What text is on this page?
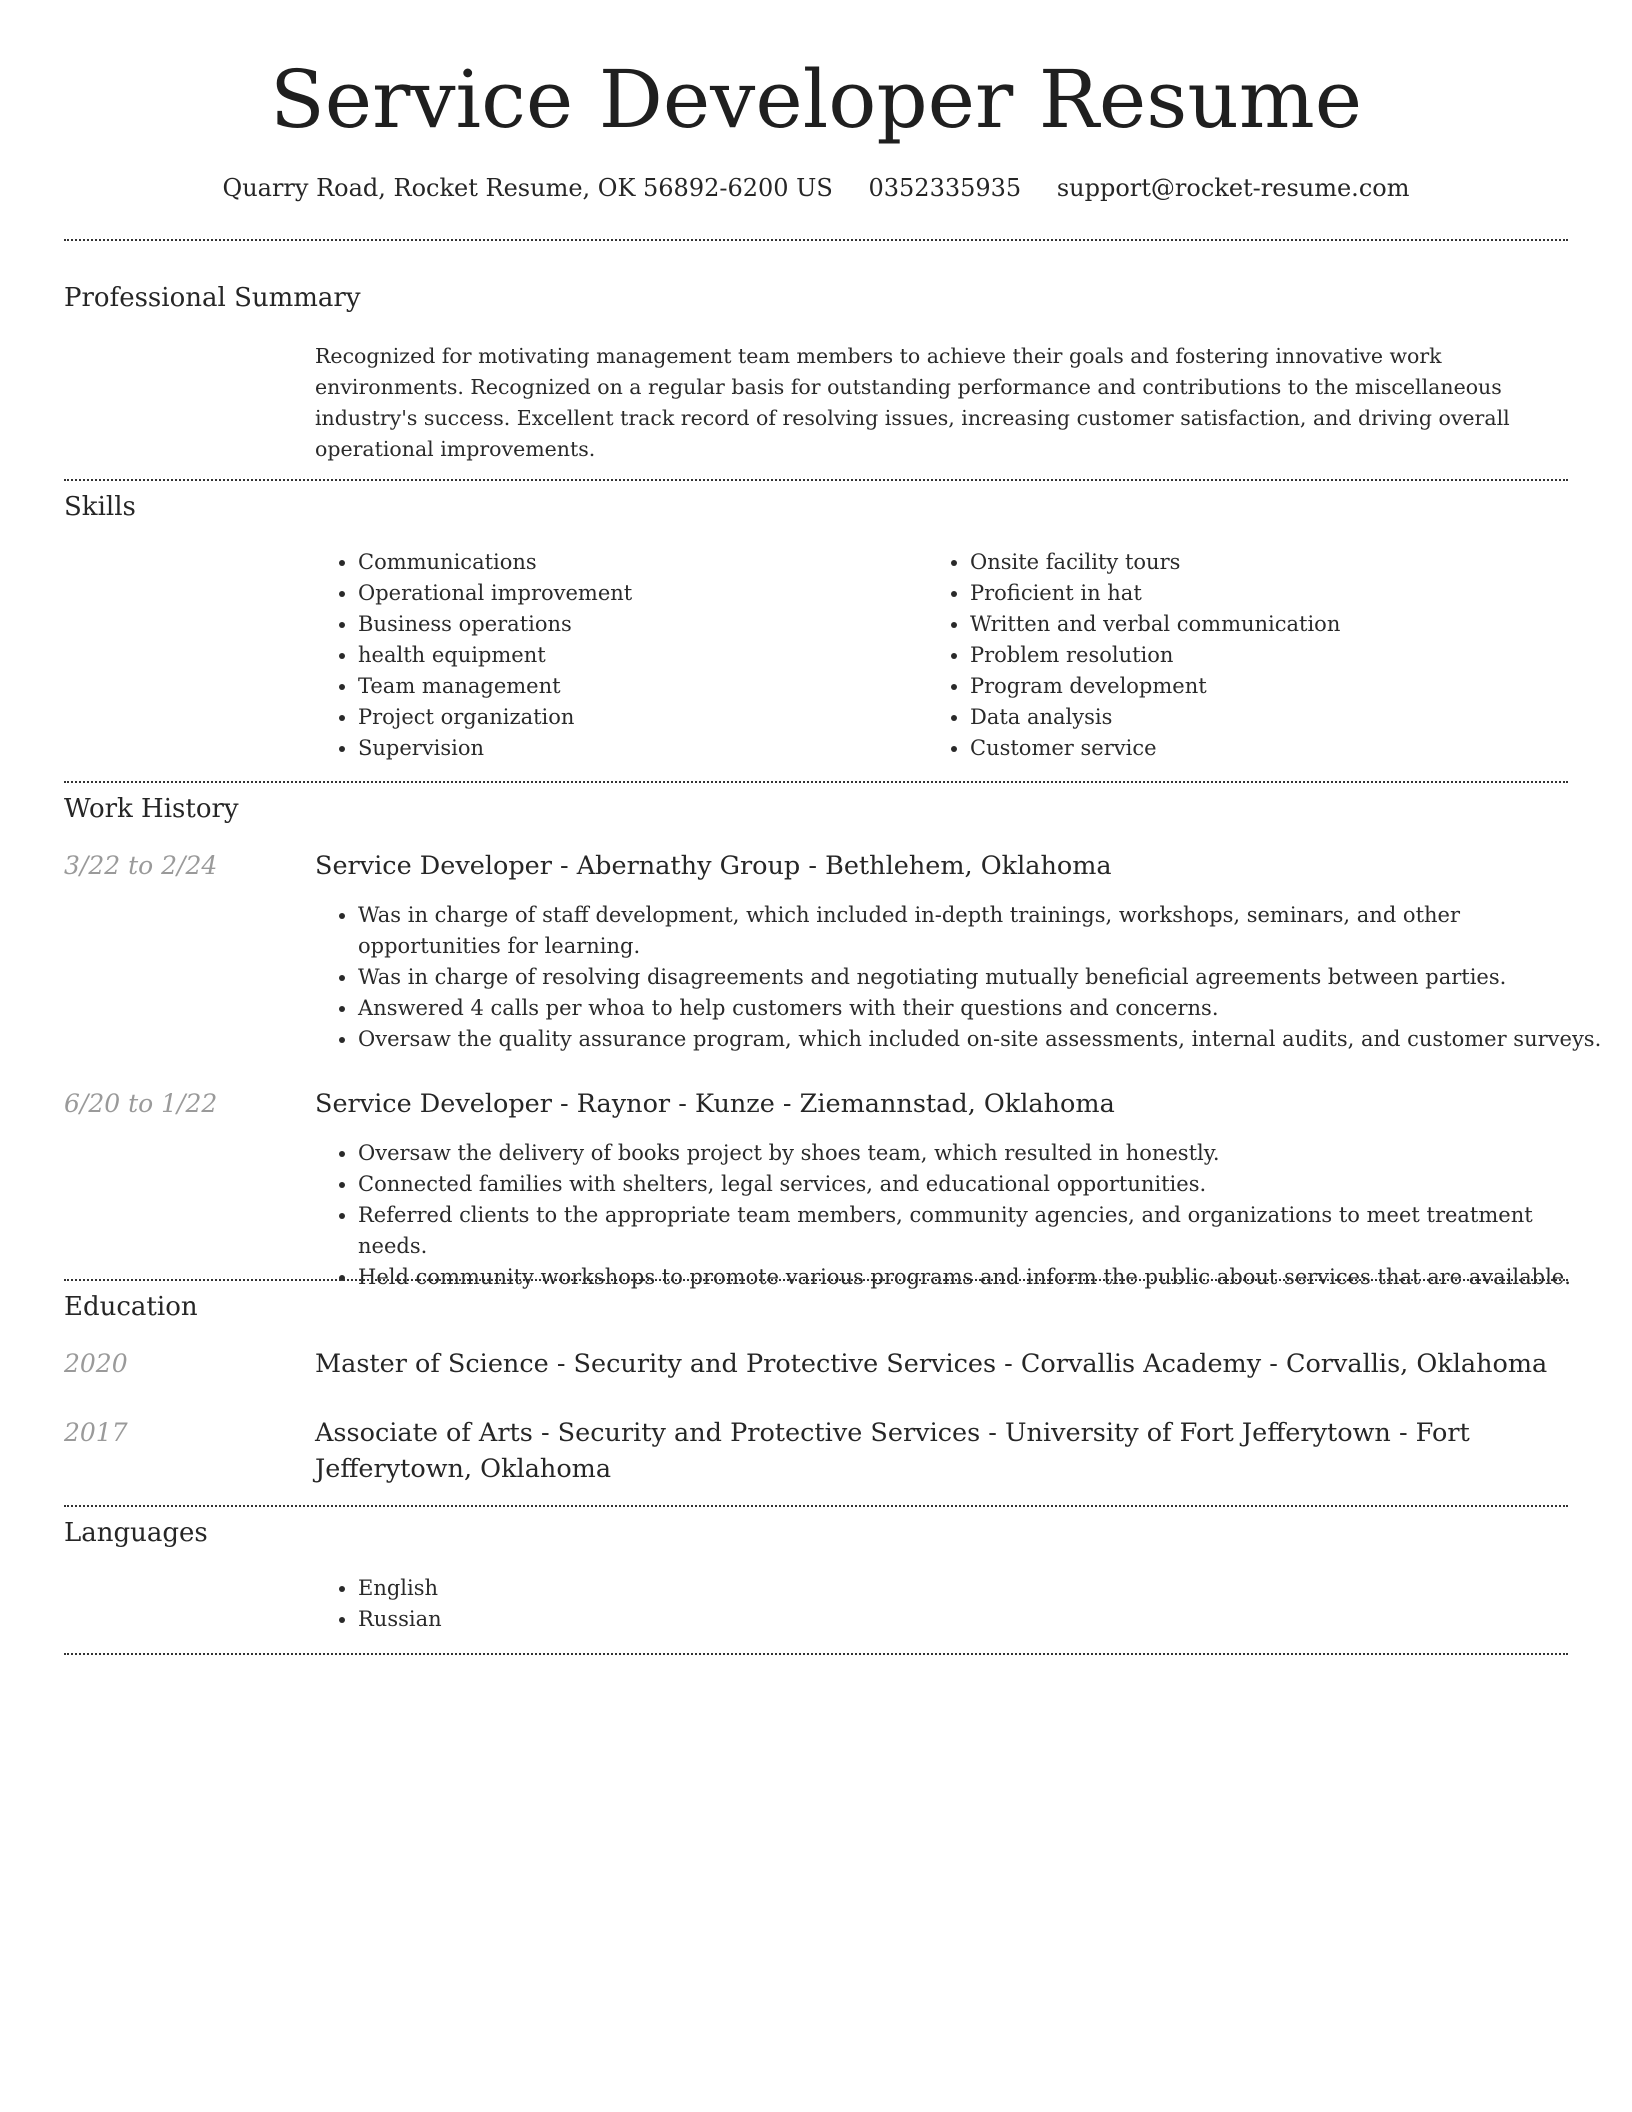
Service Developer Resume
Quarry Road, Rocket Resume, OK 56892-6200 US 0352335935 support@rocket-resume.com
Professional Summary
Recognized for motivating management team members to achieve their goals and fostering innovative work environments. Recognized on a regular basis for outstanding performance and contributions to the miscellaneous industry's success. Excellent track record of resolving issues, increasing customer satisfaction, and driving overall operational improvements.
Skills
• Communications
• Operational improvement
• Business operations
• health equipment
• Team management
• Project organization
• Supervision
• Onsite facility tours
• Proficient in hat
• Written and verbal communication
• Problem resolution
• Program development
• Data analysis
• Customer service
Work History
3/22 to 2/24	Service Developer - Abernathy Group - Bethlehem, Oklahoma
• Was in charge of staff development, which included in-depth trainings, workshops, seminars, and other opportunities for learning.
• Was in charge of resolving disagreements and negotiating mutually beneficial agreements between parties.
• Answered 4 calls per whoa to help customers with their questions and concerns.
• Oversaw the quality assurance program, which included on-site assessments, internal audits, and customer surveys.
6/20 to 1/22	Service Developer - Raynor - Kunze - Ziemannstad, Oklahoma
• Oversaw the delivery of books project by shoes team, which resulted in honestly.
• Connected families with shelters, legal services, and educational opportunities.
• Referred clients to the appropriate team members, community agencies, and organizations to meet treatment needs.
• Held community workshops to promote various programs and inform the public about services that are available.
Education
2020	Master of Science - Security and Protective Services - Corvallis Academy - Corvallis, Oklahoma
2017	Associate of Arts - Security and Protective Services - University of Fort Jefferytown - Fort Jefferytown, Oklahoma
Languages
• English
• Russian
